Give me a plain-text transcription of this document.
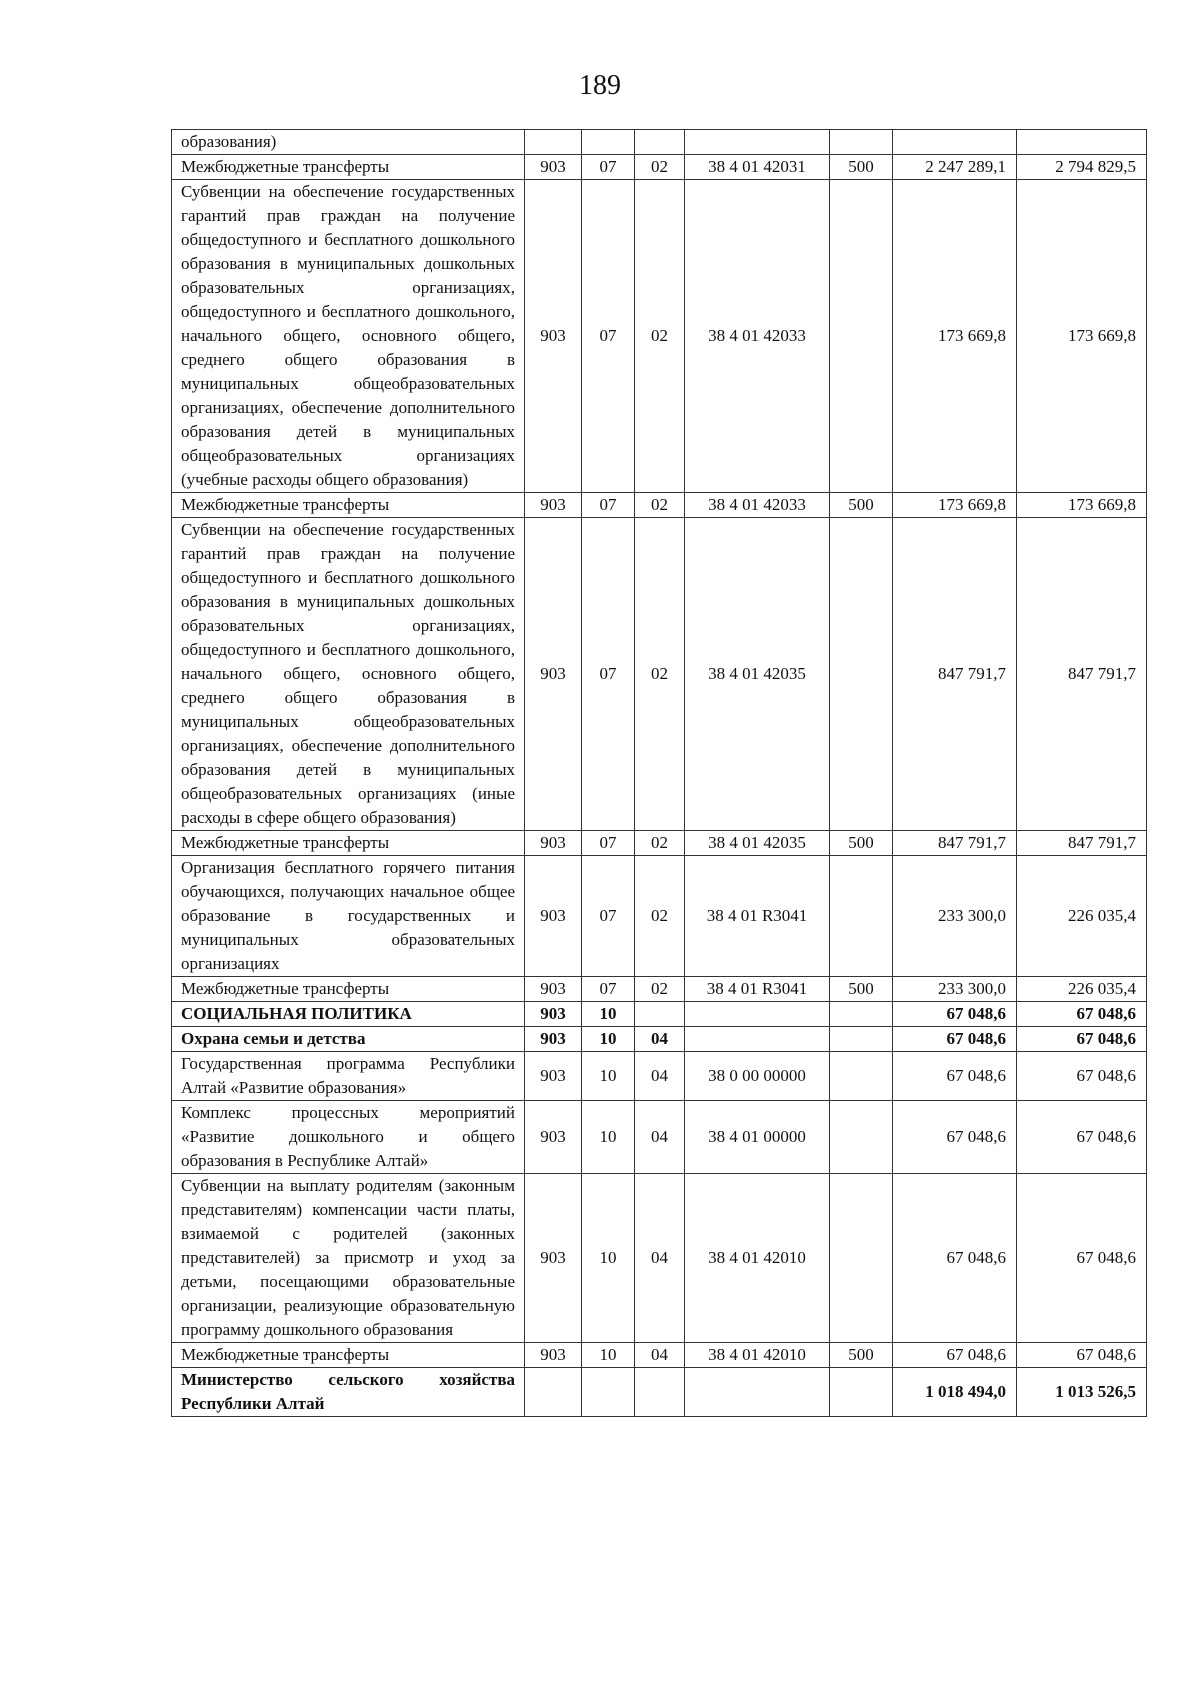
189
образования)							
Межбюджетные трансферты	903	07	02	38 4 01 42031	500	2 247 289,1	2 794 829,5
Субвенции на обеспечение государственных гарантий прав граждан на получение общедоступного и бесплатного дошкольного образования в муниципальных дошкольных образовательных организациях, общедоступного и бесплатного дошкольного, начального общего, основного общего, среднего общего образования в муниципальных общеобразовательных организациях, обеспечение дополнительного образования детей в муниципальных общеобразовательных организациях (учебные расходы общего образования)	903	07	02	38 4 01 42033		173 669,8	173 669,8
Межбюджетные трансферты	903	07	02	38 4 01 42033	500	173 669,8	173 669,8
Субвенции на обеспечение государственных гарантий прав граждан на получение общедоступного и бесплатного дошкольного образования в муниципальных дошкольных образовательных организациях, общедоступного и бесплатного дошкольного, начального общего, основного общего, среднего общего образования в муниципальных общеобразовательных организациях, обеспечение дополнительного образования детей в муниципальных общеобразовательных организациях (иные расходы в сфере общего образования)	903	07	02	38 4 01 42035		847 791,7	847 791,7
Межбюджетные трансферты	903	07	02	38 4 01 42035	500	847 791,7	847 791,7
Организация бесплатного горячего питания обучающихся, получающих начальное общее образование в государственных и муниципальных образовательных организациях	903	07	02	38 4 01 R3041		233 300,0	226 035,4
Межбюджетные трансферты	903	07	02	38 4 01 R3041	500	233 300,0	226 035,4
СОЦИАЛЬНАЯ ПОЛИТИКА	903	10				67 048,6	67 048,6
Охрана семьи и детства	903	10	04			67 048,6	67 048,6
Государственная программа Республики Алтай «Развитие образования»	903	10	04	38 0 00 00000		67 048,6	67 048,6
Комплекс процессных мероприятий «Развитие дошкольного и общего образования в Республике Алтай»	903	10	04	38 4 01 00000		67 048,6	67 048,6
Субвенции на выплату родителям (законным представителям) компенсации части платы, взимаемой с родителей (законных представителей) за присмотр и уход за детьми, посещающими образовательные организации, реализующие образовательную программу дошкольного образования	903	10	04	38 4 01 42010		67 048,6	67 048,6
Межбюджетные трансферты	903	10	04	38 4 01 42010	500	67 048,6	67 048,6
Министерство сельского хозяйства Республики Алтай						1 018 494,0	1 013 526,5
